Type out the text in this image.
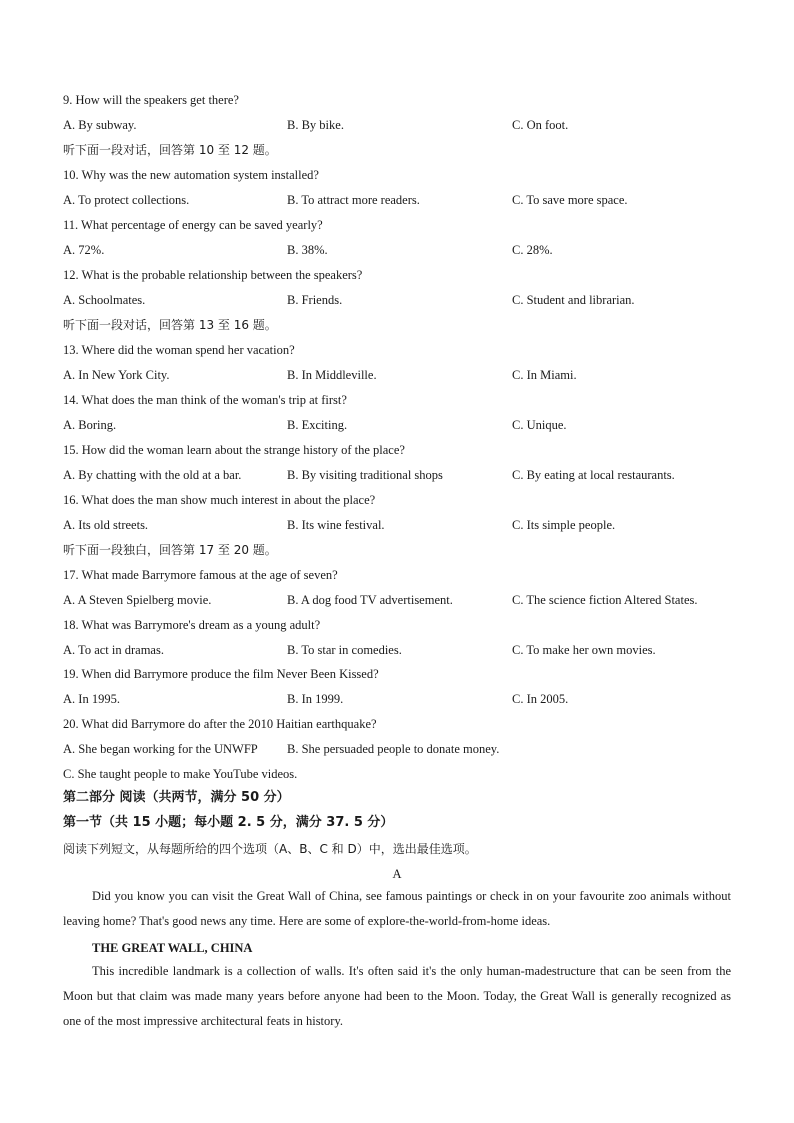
9. How will the speakers get there?
A. By subway.	B. By bike.	C. On foot.
听下面一段对话，回答第 10 至 12 题。
10. Why was the new automation system installed?
A. To protect collections.	B. To attract more readers.	C. To save more space.
11. What percentage of energy can be saved yearly?
A. 72%.	B. 38%.	C. 28%.
12. What is the probable relationship between the speakers?
A. Schoolmates.	B. Friends.	C. Student and librarian.
听下面一段对话，回答第 13 至 16 题。
13. Where did the woman spend her vacation?
A. In New York City.	B. In Middleville.	C. In Miami.
14. What does the man think of the woman's trip at first?
A. Boring.	B. Exciting.	C. Unique.
15. How did the woman learn about the strange history of the place?
A. By chatting with the old at a bar.	B. By visiting traditional shops	C. By eating at local restaurants.
16. What does the man show much interest in about the place?
A. Its old streets.	B. Its wine festival.	C. Its simple people.
听下面一段独白，回答第 17 至 20 题。
17. What made Barrymore famous at the age of seven?
A. A Steven Spielberg movie.	B. A dog food TV advertisement.	C. The science fiction Altered States.
18. What was Barrymore's dream as a young adult?
A. To act in dramas.	B. To star in comedies.	C. To make her own movies.
19. When did Barrymore produce the film Never Been Kissed?
A. In 1995.	B. In 1999.	C. In 2005.
20. What did Barrymore do after the 2010 Haitian earthquake?
A. She began working for the UNWFP B. She persuaded people to donate money.
C. She taught people to make YouTube videos.
第二部分 阅读（共两节，满分 50 分）
第一节（共 15 小题；每小题 2. 5 分，满分 37. 5 分）
阅读下列短文，从每题所给的四个选项（A、B、C 和 D）中，选出最佳选项。
A
Did you know you can visit the Great Wall of China, see famous paintings or check in on your favourite zoo animals without leaving home? That's good news any time. Here are some of explore-the-world-from-home ideas.
THE GREAT WALL, CHINA
This incredible landmark is a collection of walls. It's often said it's the only human-madestructure that can be seen from the Moon but that claim was made many years before anyone had been to the Moon. Today, the Great Wall is generally recognized as one of the most impressive architectural feats in history.
